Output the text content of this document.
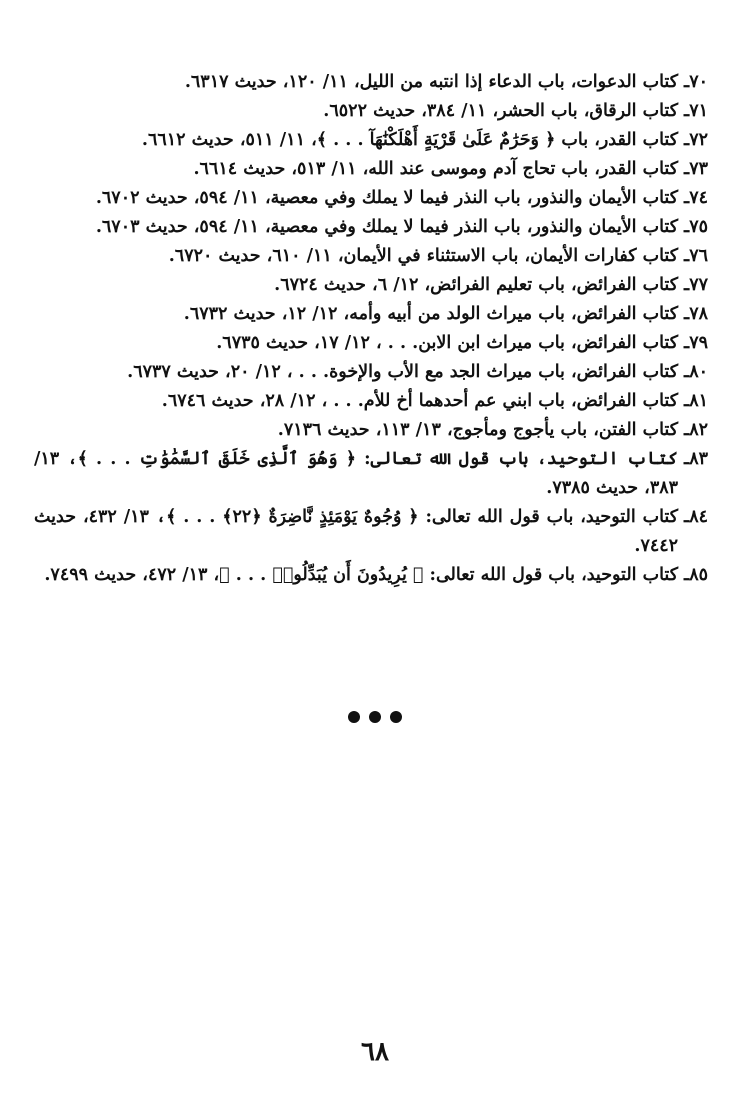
٧٠ـ
كتاب الدعوات، باب الدعاء إذا انتبه من الليل، ١١/ ١٢٠، حديث ٦٣١٧.
٧١ـ
كتاب الرقاق، باب الحشر، ١١/ ٣٨٤، حديث ٦٥٢٢.
٧٢ـ
كتاب القدر، باب ﴿ وَحَرَٰمٌ عَلَىٰ قَرْيَةٍ أَهْلَكْنَٰهَآ . . . ﴾، ١١/ ٥١١، حديث ٦٦١٢.
٧٣ـ
كتاب القدر، باب تحاج آدم وموسى عند الله، ١١/ ٥١٣، حديث ٦٦١٤.
٧٤ـ
كتاب الأيمان والنذور، باب النذر فيما لا يملك وفي معصية، ١١/ ٥٩٤، حديث ٦٧٠٢.
٧٥ـ
كتاب الأيمان والنذور، باب النذر فيما لا يملك وفي معصية، ١١/ ٥٩٤، حديث ٦٧٠٣.
٧٦ـ
كتاب كفارات الأيمان، باب الاستثناء في الأيمان، ١١/ ٦١٠، حديث ٦٧٢٠.
٧٧ـ
كتاب الفرائض، باب تعليم الفرائض، ١٢/ ٦، حديث ٦٧٢٤.
٧٨ـ
كتاب الفرائض، باب ميراث الولد من أبيه وأمه، ١٢/ ١٢، حديث ٦٧٣٢.
٧٩ـ
كتاب الفرائض، باب ميراث ابن الابن. . . ، ١٢/ ١٧، حديث ٦٧٣٥.
٨٠ـ
كتاب الفرائض، باب ميراث الجد مع الأب والإخوة. . . ، ١٢/ ٢٠، حديث ٦٧٣٧.
٨١ـ
كتاب الفرائض، باب ابني عم أحدهما أخ للأم. . . ، ١٢/ ٢٨، حديث ٦٧٤٦.
٨٢ـ
كتاب الفتن، باب يأجوج ومأجوج، ١٣/ ١١٣، حديث ٧١٣٦.
٨٣ـ
كتاب التوحيد، باب قول الله تعالى: ﴿ وَهُوَ ٱلَّذِى خَلَقَ ٱلسَّمَٰوَٰتِ . . . ﴾، ١٣/ ٣٨٣، حديث ٧٣٨٥.
٨٤ـ
كتاب التوحيد، باب قول الله تعالى: ﴿ وُجُوهٌ يَوْمَئِذٍ نَّاضِرَةٌ ﴿٢٢﴾ . . . ﴾، ١٣/ ٤٣٢، حديث ٧٤٤٢.
٨٥ـ
كتاب التوحيد، باب قول الله تعالى: ﴿ يُرِيدُونَ أَن يُبَدِّلُوا۟ . . . ﴾، ١٣/ ٤٧٢، حديث ٧٤٩٩.
٦٨
